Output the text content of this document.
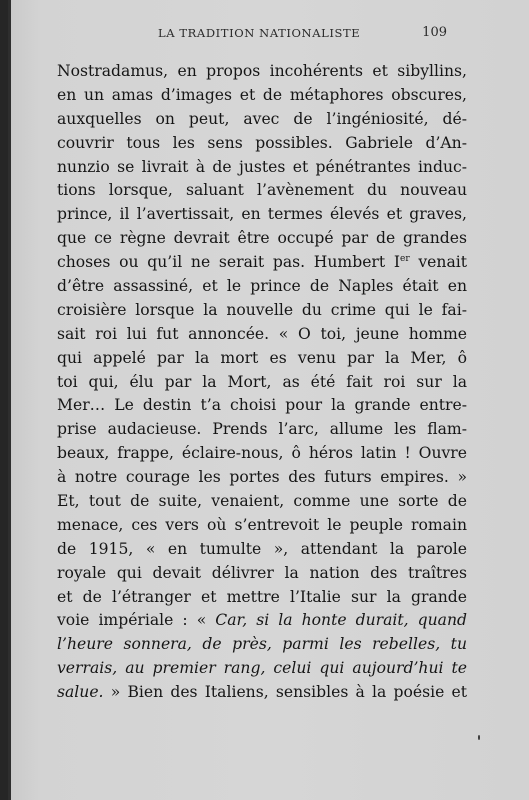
LA TRADITION NATIONALISTE	109
Nostradamus, en propos incohérents et sibyllins,
en un amas d’images et de métaphores obscures,
auxquelles on peut, avec de l’ingéniosité, dé-
couvrir tous les sens possibles. Gabriele d’An-
nunzio se livrait à de justes et pénétrantes induc-
tions lorsque, saluant l’avènement du nouveau
prince, il l’avertissait, en termes élevés et graves,
que ce règne devrait être occupé par de grandes
choses ou qu’il ne serait pas. Humbert Ier venait
d’être assassiné, et le prince de Naples était en
croisière lorsque la nouvelle du crime qui le fai-
sait roi lui fut annoncée. « O toi, jeune homme
qui appelé par la mort es venu par la Mer, ô
toi qui, élu par la Mort, as été fait roi sur la
Mer… Le destin t’a choisi pour la grande entre-
prise audacieuse. Prends l’arc, allume les flam-
beaux, frappe, éclaire-nous, ô héros latin ! Ouvre
à notre courage les portes des futurs empires. »
Et, tout de suite, venaient, comme une sorte de
menace, ces vers où s’entrevoit le peuple romain
de 1915, « en tumulte », attendant la parole
royale qui devait délivrer la nation des traîtres
et de l’étranger et mettre l’Italie sur la grande
voie impériale : « Car, si la honte durait, quand
l’heure sonnera, de près, parmi les rebelles, tu
verrais, au premier rang, celui qui aujourd’hui te
salue. » Bien des Italiens, sensibles à la poésie et
